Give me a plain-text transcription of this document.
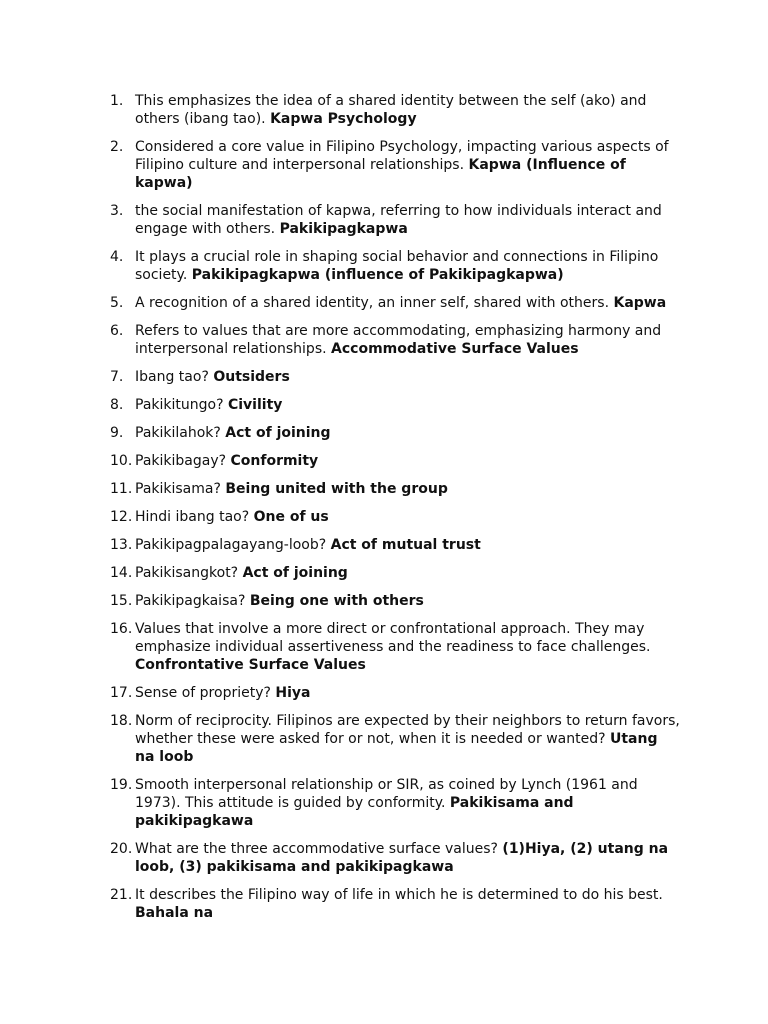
1. This emphasizes the idea of a shared identity between the self (ako) and others (ibang tao). Kapwa Psychology
2. Considered a core value in Filipino Psychology, impacting various aspects of Filipino culture and interpersonal relationships. Kapwa (Influence of kapwa)
3. the social manifestation of kapwa, referring to how individuals interact and engage with others. Pakikipagkapwa
4. It plays a crucial role in shaping social behavior and connections in Filipino society. Pakikipagkapwa (influence of Pakikipagkapwa)
5. A recognition of a shared identity, an inner self, shared with others. Kapwa
6. Refers to values that are more accommodating, emphasizing harmony and interpersonal relationships. Accommodative Surface Values
7. Ibang tao? Outsiders
8. Pakikitungo? Civility
9. Pakikilahok? Act of joining
10. Pakikibagay? Conformity
11. Pakikisama? Being united with the group
12. Hindi ibang tao? One of us
13. Pakikipagpalagayang-loob? Act of mutual trust
14. Pakikisangkot? Act of joining
15. Pakikipagkaisa? Being one with others
16. Values that involve a more direct or confrontational approach. They may emphasize individual assertiveness and the readiness to face challenges. Confrontative Surface Values
17. Sense of propriety? Hiya
18. Norm of reciprocity. Filipinos are expected by their neighbors to return favors, whether these were asked for or not, when it is needed or wanted? Utang na loob
19. Smooth interpersonal relationship or SIR, as coined by Lynch (1961 and 1973). This attitude is guided by conformity. Pakikisama and pakikipagkawa
20. What are the three accommodative surface values? (1)Hiya, (2) utang na loob, (3) pakikisama and pakikipagkawa
21. It describes the Filipino way of life in which he is determined to do his best. Bahala na
